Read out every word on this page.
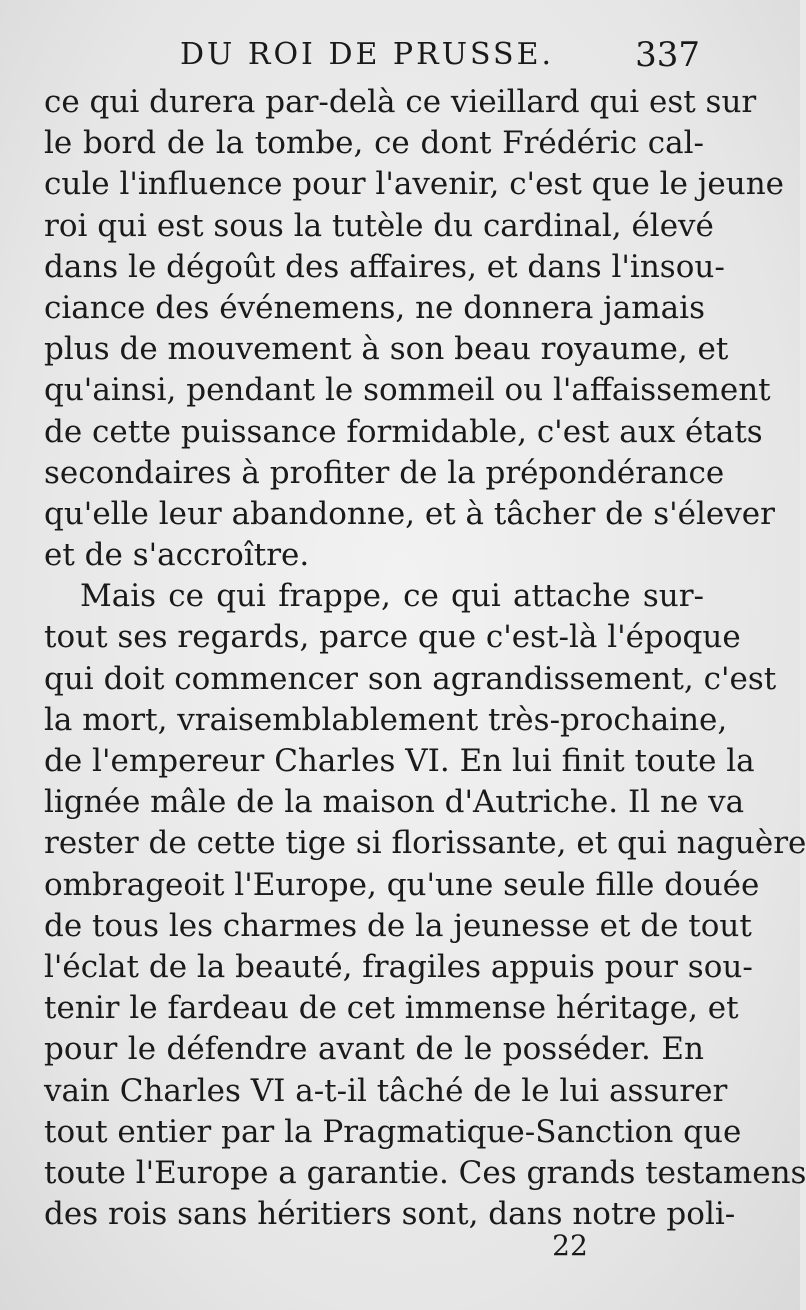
DU ROI DE PRUSSE. 337
ce qui durera par-delà ce vieillard qui est sur
le bord de la tombe, ce dont Frédéric cal-
cule l'influence pour l'avenir, c'est que le jeune
roi qui est sous la tutèle du cardinal, élevé
dans le dégoût des affaires, et dans l'insou-
ciance des événemens, ne donnera jamais
plus de mouvement à son beau royaume, et
qu'ainsi, pendant le sommeil ou l'affaissement
de cette puissance formidable, c'est aux états
secondaires à profiter de la prépondérance
qu'elle leur abandonne, et à tâcher de s'élever
et de s'accroître.
Mais ce qui frappe, ce qui attache sur-
tout ses regards, parce que c'est-là l'époque
qui doit commencer son agrandissement, c'est
la mort, vraisemblablement très-prochaine,
de l'empereur Charles VI. En lui finit toute la
lignée mâle de la maison d'Autriche. Il ne va
rester de cette tige si florissante, et qui naguère
ombrageoit l'Europe, qu'une seule fille douée
de tous les charmes de la jeunesse et de tout
l'éclat de la beauté, fragiles appuis pour sou-
tenir le fardeau de cet immense héritage, et
pour le défendre avant de le posséder. En
vain Charles VI a-t-il tâché de le lui assurer
tout entier par la Pragmatique-Sanction que
toute l'Europe a garantie. Ces grands testamens
des rois sans héritiers sont, dans notre poli-
22
